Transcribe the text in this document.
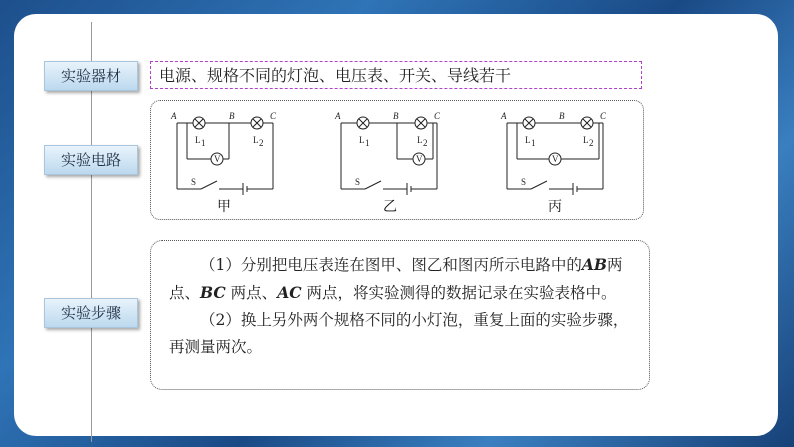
实验器材
实验电路
实验步骤
电源、规格不同的灯泡、电压表、开关、导线若干
A	B	C
L 1	L 2
V
S
甲
A	B	C
L 1	L 2
V
S
乙
A	B	C
L 1	L 2
V
S
丙

（1）分别把电压表连在图甲、图乙和图丙所示电路中的AB两点、BC 两点、AC 两点，将实验测得的数据记录在实验表格中。

（2）换上另外两个规格不同的小灯泡，重复上面的实验步骤，再测量两次。
